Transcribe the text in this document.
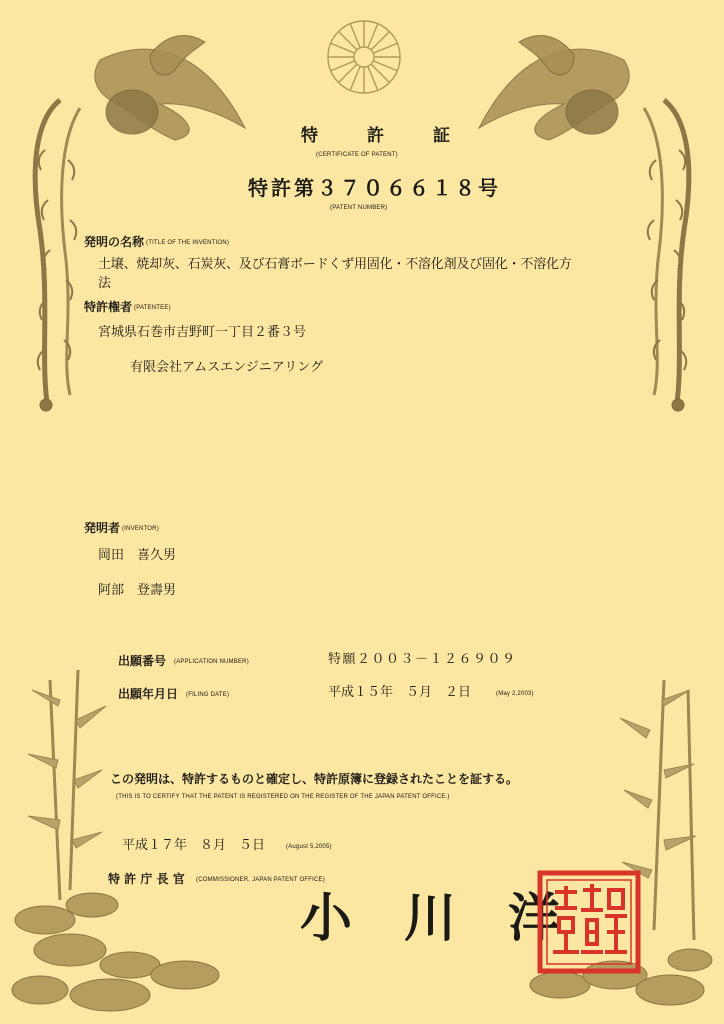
特　許　証
(CERTIFICATE OF PATENT)
特許第３７０６６１８号
(PATENT NUMBER)
発明の名称 (TITLE OF THE INVENTION)
土壌、焼却灰、石炭灰、及び石膏ボードくず用固化・不溶化剤及び固化・不溶化方
法
特許権者 (PATENTEE)
宮城県石巻市吉野町一丁目２番３号
有限会社アムスエンジニアリング
発明者 (INVENTOR)
岡田　喜久男
阿部　登壽男
出願番号 (APPLICATION NUMBER)	特願２００３－１２６９０９
出願年月日 (FILING DATE)	平成１５年　５月　２日	(May 2,2003)
この発明は、特許するものと確定し、特許原簿に登録されたことを証する。
(THIS IS TO CERTIFY THAT THE PATENT IS REGISTERED ON THE REGISTER OF THE JAPAN PATENT OFFICE.)
平成１７年　８月　５日	(August 5,2005)
特 許 庁 長 官 (COMMISSIONER, JAPAN PATENT OFFICE)
小　川　洋
